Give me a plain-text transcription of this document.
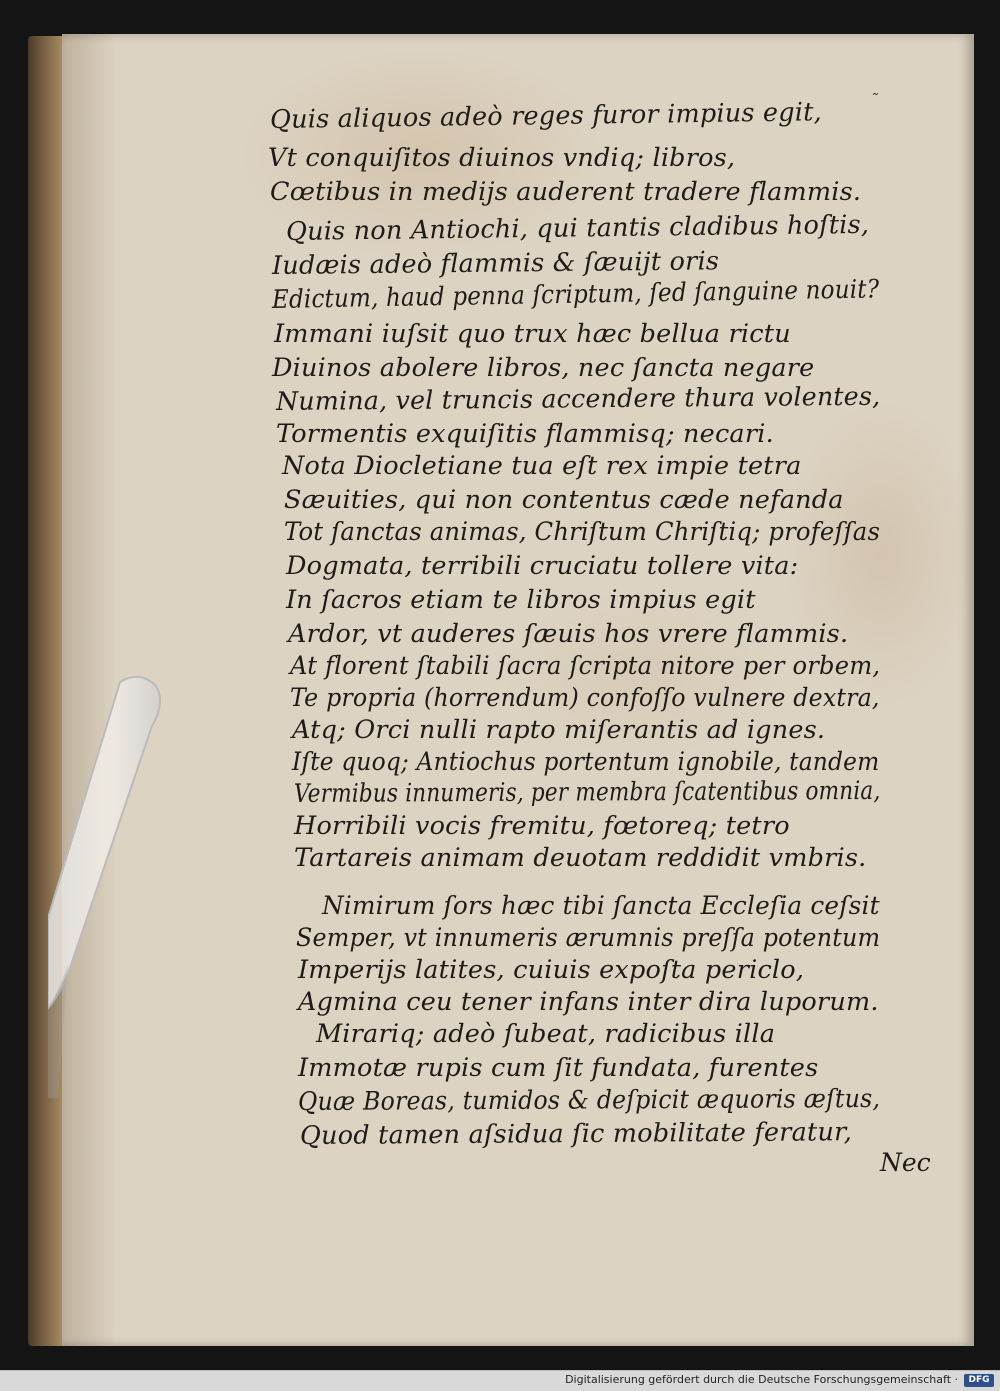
˜
Quis aliquos adeò reges furor impius egit,
Vt conquiſitos diuinos vndiq; libros,
Cœtibus in medijs auderent tradere flammis.
Quis non Antiochi, qui tantis cladibus hoſtis,
Iudæis adeò flammis & ſæuijt oris
Edictum, haud penna ſcriptum, ſed ſanguine nouit?
Immani iuſsit quo trux hæc bellua rictu
Diuinos abolere libros, nec ſancta negare
Numina, vel truncis accendere thura volentes,
Tormentis exquiſitis flammisq; necari.
Nota Diocletiane tua eſt rex impie tetra
Sæuities, qui non contentus cæde nefanda
Tot ſanctas animas, Chriſtum Chriſtiq; profeſſas
Dogmata, terribili cruciatu tollere vita:
In ſacros etiam te libros impius egit
Ardor, vt auderes ſæuis hos vrere flammis.
At florent ſtabili ſacra ſcripta nitore per orbem,
Te propria (horrendum) confoſſo vulnere dextra,
Atq; Orci nulli rapto miſerantis ad ignes.
Iſte quoq; Antiochus portentum ignobile, tandem
Vermibus innumeris, per membra ſcatentibus omnia,
Horribili vocis fremitu, fœtoreq; tetro
Tartareis animam deuotam reddidit vmbris.
Nimirum ſors hæc tibi ſancta Eccleſia ceſsit
Semper, vt innumeris ærumnis preſſa potentum
Imperijs latites, cuiuis expoſta periclo,
Agmina ceu tener infans inter dira luporum.
Mirariq; adeò ſubeat, radicibus illa
Immotæ rupis cum ſit fundata, furentes
Quæ Boreas, tumidos & deſpicit æquoris æſtus,
Quod tamen aſsidua ſic mobilitate feratur,
Nec
Digitalisierung gefördert durch die Deutsche Forschungsgemeinschaft ·	DFG
